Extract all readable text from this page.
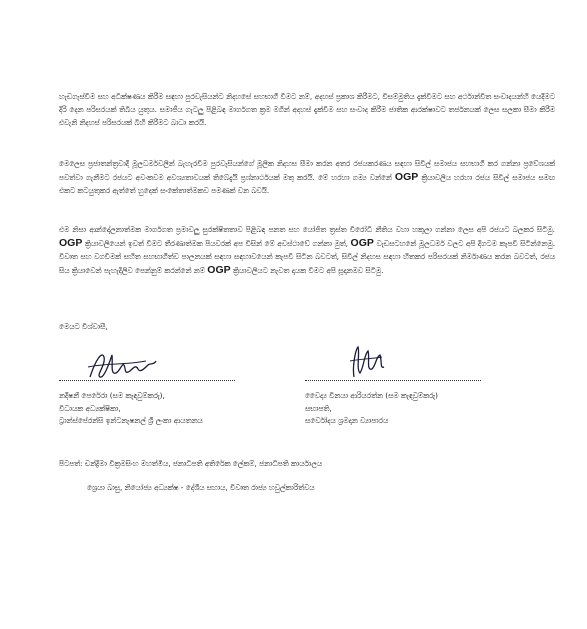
හැඩගැස්වීම සහ අධීක්ෂණය කිරීම සඳහා පුරවැසියන්ට නිදහසේ සහභාගී වීමට නම්, අදහස් ප්‍රකාශ කිරීමට, විසම්මුතිය දැක්වීමට සහ අර්ථාන්විත සංවාදයන්හි යෙදීමට දිරි දෙන පරිසරයක් තිබිය යුතුය. සමාජීය ගැටලු පිළිබඳ මාර්ගගත ක්‍රම මගින් අදහස් දැක්වීම සහ සංවාද කිරීම ජාතික ආරක්ෂාවට තර්ජනයක් ලෙස සලකා සීමා කිරීම එවැනි නිදහස් පරිසරයක් බිහි කිරීමට බාධා කරයි.

මෙලෙස ප්‍රජාතන්ත්‍රවාදී මූලධර්මවලින් බැහැරවීම පුරවැසියන්ගේ මූලික නිදහස සීමා කරන අතර රජයකරණය සඳහා සිවිල් සමාජය සහභාගී කර ගන්නා ප්‍රවේශයක් පවත්වා ගැනීමට රජයට අවංකවම අවශ්‍යතාවයක් තිබේදැයි ප්‍රශ්නාර්ථයක් මතු කරයි. මේ හරහා ගම්‍ය වන්නේ OGP ක්‍රියාවලිය හරහා රජය සිවිල් සමාජය සමඟ එකට කටයුතුකර ඇත්තේ හුදෙක් සංකේතාත්මකව පමණක් වන බවයි.

එම නිසා ආන්දෝලනාත්මක මාර්ගගත ප්‍රමාවලු සුරක්ෂිතතාව පිළිබඳ පනත සහ යෝජිත ත්‍රස්ත විරෝධී නීතිය වහා හකුලා ගන්නා ලෙස අපි රජයට බලකර සිටිමු. OGP ක්‍රියාවලියෙන් ඉවත් වීමට තීරණාත්මක පියවරක් අප විසින් මේ අවස්ථාවේ ගන්නා මුත්, OGP වැඩසටහනේ මූලධර්ම වලට අපි දිගටම කැපවී සිටින්නෙමු. විවෘත සහ වගවීමක් සහිත සහභාගීත්ව පාලනයක් සඳහා සඳහාවයෙන් කැපවී සිටින බවටත්, සිවිල් නිදහස සඳහා හිතකර පරිසරයක් නිර්මාණය කරන බවටත්, රජය සිය ක්‍රියාවෙන් පැහැදිලිව පෙන්නුම් කරන්නේ නම් OGP ක්‍රියාවලියට නැවත දායක වීමට අපි සූදානමව සිටිමු.

මෙයට විශ්වාසී,

නදීෂනී පෙරේරා (සම කැඳවුම්කරු),
විධායක අධ්‍යක්ෂිකා,
ට්‍රාන්ස්පේරන්සි ඉන්ටනැෂනල් ශ්‍රී ලංකා ආයතනය
වෛද්‍ය විනයා ආරියරත්න (සම කැඳවුම්කරු)
සභාපති,
සර්වෝදය ශ්‍රමදාන ව්‍යාපාරය
පිටපත්: චන්ද්‍රිමා වික්‍රමසිංහ මහත්මිය, ජනාධිපති අතිරේක ලේකම්, ජනාධිපති කාර්යාලය
ශ්‍රෙයා බාසු, නියෝජ්‍ය අධ්‍යක්ෂ - දේශීය සහාය, විවෘත රාජ්‍ය හවුල්කාරිත්වය
